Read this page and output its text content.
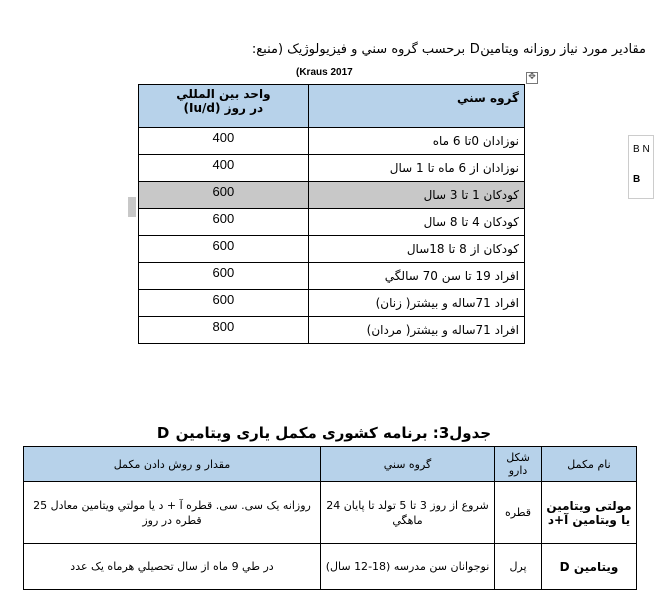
مقادير مورد نياز روزانه ويتامينD برحسب گروه سني و فيزيولوژيک (منبع:
(Kraus 2017	✥
گروه سني	واحد بين المللي
در روز (Iu/d)

نوزادان 0تا 6 ماه	400
نوزادان از 6 ماه تا 1 سال	400
کودکان 1 تا 3 سال	600
کودکان 4 تا 8 سال	600
کودکان از 8 تا 18سال	600
افراد 19 تا سن 70 سالگي	600
افراد 71ساله و بيشتر( زنان)	600
افراد 71ساله و بيشتر( مردان)	800
B N
B
جدول3: برنامه کشوری مکمل یاری ویتامین D
نام مکمل	شکل دارو	گروه سني	مقدار و روش دادن مکمل
مولتی ويتامين يا ويتامين آ+د	قطره	شروع از روز 3 تا 5 تولد تا پايان 24 ماهگي	روزانه يک سی. سی. قطره آ + د يا مولتي ويتامين معادل 25 قطره در روز
ويتامين D	پرل	نوجوانان سن مدرسه (18-12 سال)	در طي 9 ماه از سال تحصيلي هرماه يک عدد
